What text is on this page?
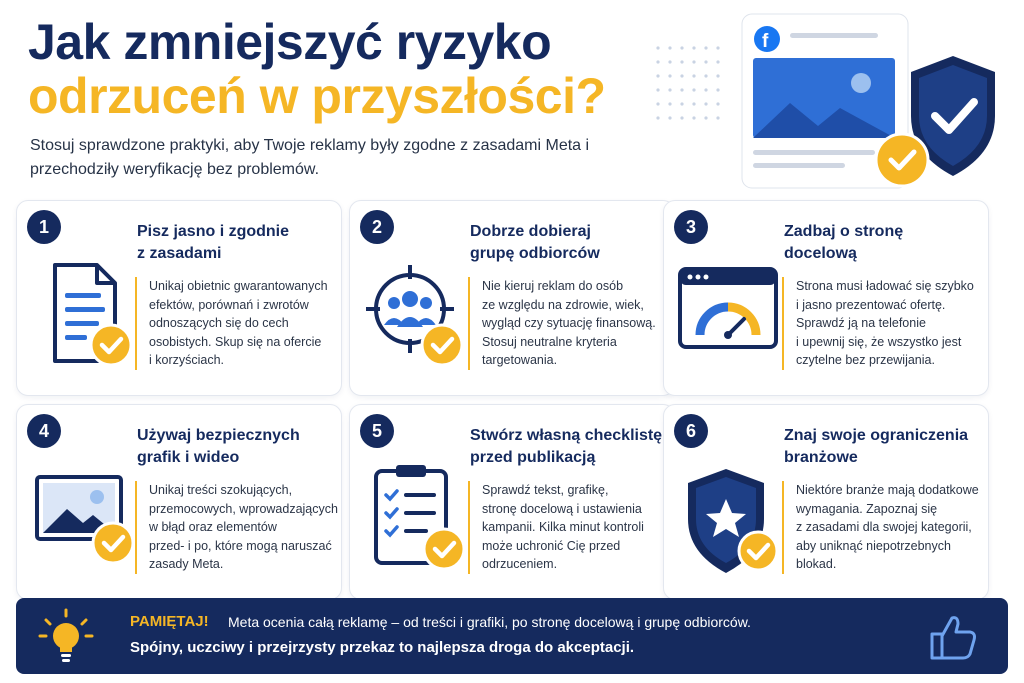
Jak zmniejszyć ryzyko
odrzuceń w przyszłości?
Stosuj sprawdzone praktyki, aby Twoje reklamy były zgodne z zasadami Meta i przechodziły weryfikację bez problemów.
f
1	Pisz jasno i zgodnie
z zasadami
Unikaj obietnic gwarantowanych
efektów, porównań i zwrotów
odnoszących się do cech
osobistych. Skup się na ofercie
i korzyściach.
2	Dobrze dobieraj
grupę odbiorców
Nie kieruj reklam do osób
ze względu na zdrowie, wiek,
wygląd czy sytuację finansową.
Stosuj neutralne kryteria
targetowania.
3	Zadbaj o stronę
docelową
Strona musi ładować się szybko
i jasno prezentować ofertę.
Sprawdź ją na telefonie
i upewnij się, że wszystko jest
czytelne bez przewijania.
4	Używaj bezpiecznych
grafik i wideo
Unikaj treści szokujących,
przemocowych, wprowadzających
w błąd oraz elementów
przed- i po, które mogą naruszać
zasady Meta.
5	Stwórz własną checklistę
przed publikacją
Sprawdź tekst, grafikę,
stronę docelową i ustawienia
kampanii. Kilka minut kontroli
może uchronić Cię przed
odrzuceniem.
6	Znaj swoje ograniczenia
branżowe
Niektóre branże mają dodatkowe
wymagania. Zapoznaj się
z zasadami dla swojej kategorii,
aby uniknąć niepotrzebnych
blokad.
PAMIĘTAJ! Meta ocenia całą reklamę – od treści i grafiki, po stronę docelową i grupę odbiorców.
Spójny, uczciwy i przejrzysty przekaz to najlepsza droga do akceptacji.
